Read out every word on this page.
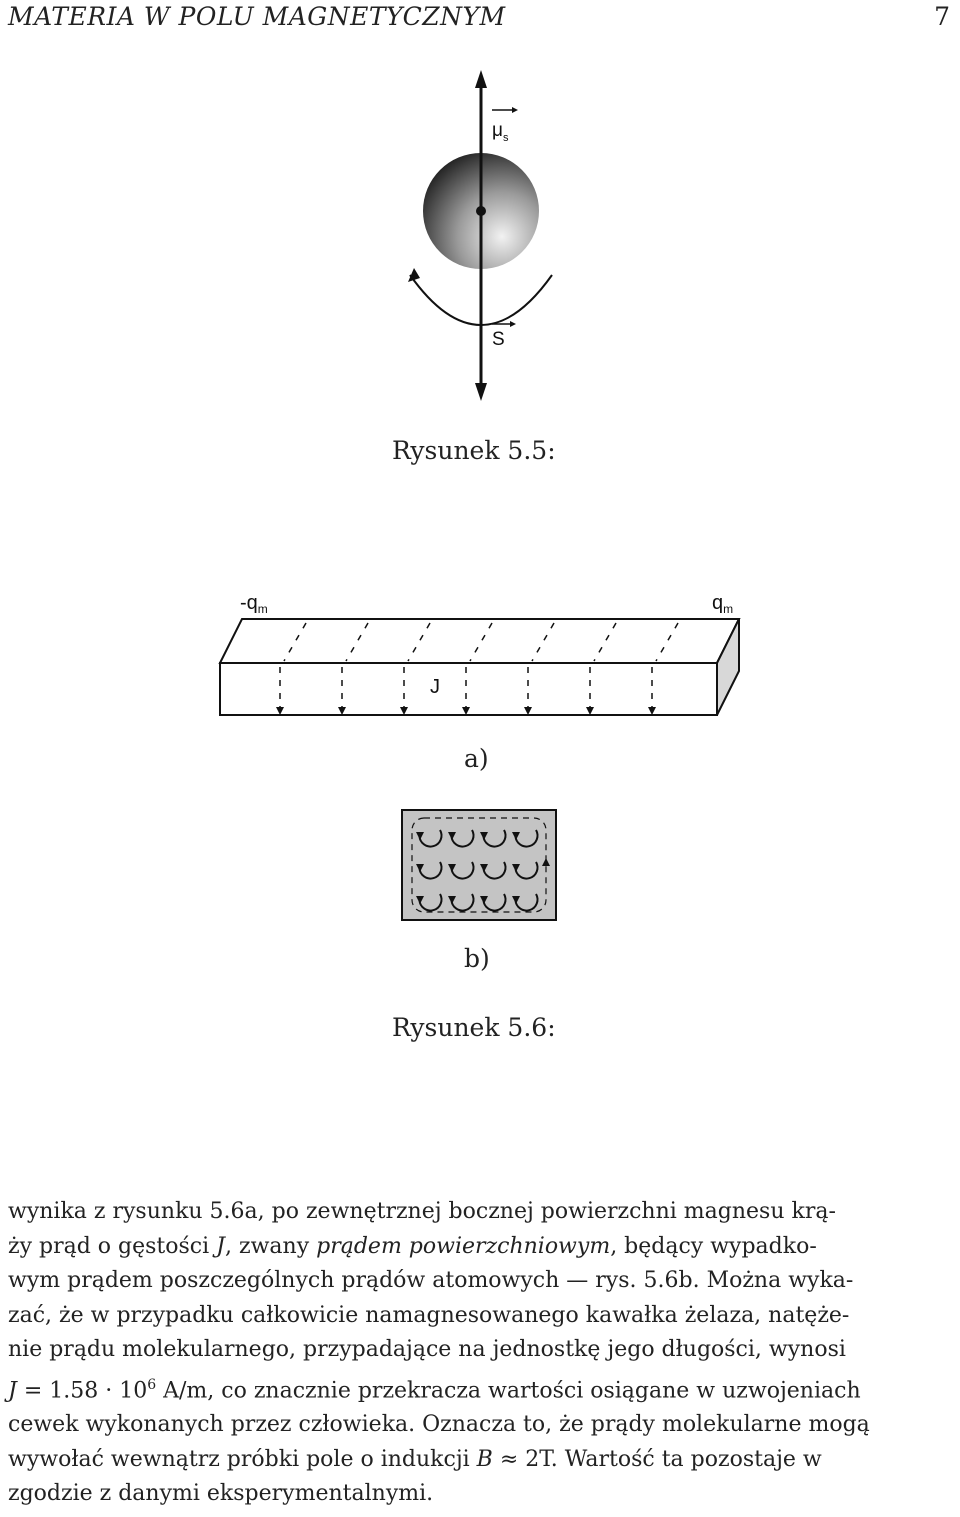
MATERIA W POLU MAGNETYCZNYM	7
$\mu_s$
S
Rysunek 5.5:
$-q_m$	$q_m$
J
a)
b)
Rysunek 5.6:

wynika z rysunku 5.6a, po zewnętrznej bocznej powierzchni magnesu krą-

ży prąd o gęstości J, zwany prądem powierzchniowym, będący wypadko-

wym prądem poszczególnych prądów atomowych — rys. 5.6b. Można wyka-

zać, że w przypadku całkowicie namagnesowanego kawałka żelaza, natęże-

nie prądu molekularnego, przypadające na jednostkę jego długości, wynosi

$J = 1.58 \cdot 10^6$ A/m, co znacznie przekracza wartości osiągane w uzwojeniach

cewek wykonanych przez człowieka. Oznacza to, że prądy molekularne mogą

wywołać wewnątrz próbki pole o indukcji B ≈ 2T. Wartość ta pozostaje w

zgodzie z danymi eksperymentalnymi.
